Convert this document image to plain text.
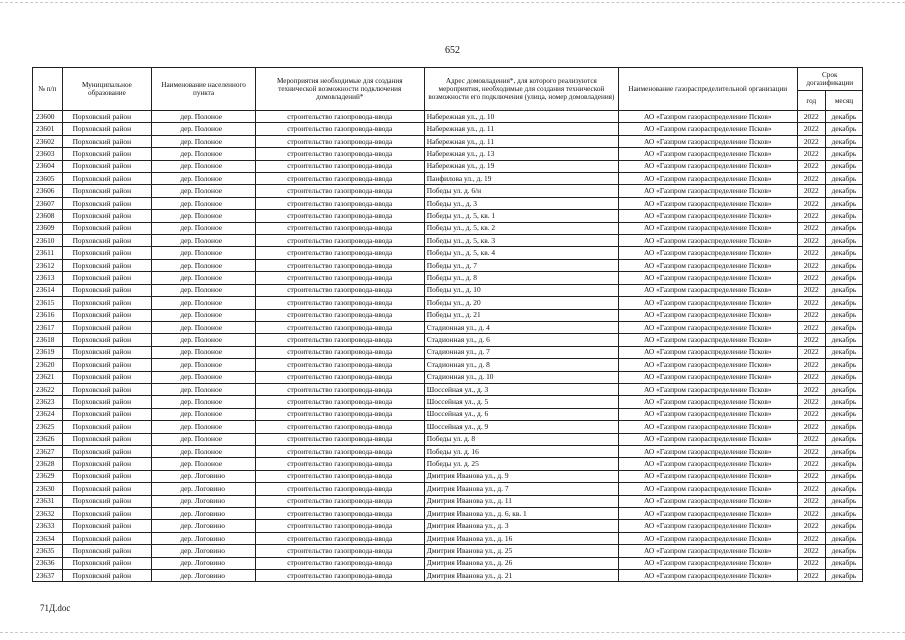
652
№ п/п	Муниципальное образование	Наименование населенного пункта	Мероприятия необходимые для создания технической возможности подключения домовладений*	Адрес домовладения*, для которого реализуются мероприятия, необходимые для создания технической возможности его подключения (улица, номер домовладения)	Наименование газораспределительной организации	Срок догазификации	
						год	месяц
23600	Порховский район	дер. Полоное	строительство газопровода-ввода	Набережная ул., д. 10	АО «Газпром газораспределение Псков»	2022	декабрь
23601	Порховский район	дер. Полоное	строительство газопровода-ввода	Набережная ул., д. 11	АО «Газпром газораспределение Псков»	2022	декабрь
23602	Порховский район	дер. Полоное	строительство газопровода-ввода	Набережная ул., д. 11	АО «Газпром газораспределение Псков»	2022	декабрь
23603	Порховский район	дер. Полоное	строительство газопровода-ввода	Набережная ул., д. 13	АО «Газпром газораспределение Псков»	2022	декабрь
23604	Порховский район	дер. Полоное	строительство газопровода-ввода	Набережная ул., д. 19	АО «Газпром газораспределение Псков»	2022	декабрь
23605	Порховский район	дер. Полоное	строительство газопровода-ввода	Панфилова ул., д. 19	АО «Газпром газораспределение Псков»	2022	декабрь
23606	Порховский район	дер. Полоное	строительство газопровода-ввода	Победы ул. д. 6/н	АО «Газпром газораспределение Псков»	2022	декабрь
23607	Порховский район	дер. Полоное	строительство газопровода-ввода	Победы ул., д. 3	АО «Газпром газораспределение Псков»	2022	декабрь
23608	Порховский район	дер. Полоное	строительство газопровода-ввода	Победы ул., д. 5, кв. 1	АО «Газпром газораспределение Псков»	2022	декабрь
23609	Порховский район	дер. Полоное	строительство газопровода-ввода	Победы ул., д. 5, кв. 2	АО «Газпром газораспределение Псков»	2022	декабрь
23610	Порховский район	дер. Полоное	строительство газопровода-ввода	Победы ул., д. 5, кв. 3	АО «Газпром газораспределение Псков»	2022	декабрь
23611	Порховский район	дер. Полоное	строительство газопровода-ввода	Победы ул., д. 5, кв. 4	АО «Газпром газораспределение Псков»	2022	декабрь
23612	Порховский район	дер. Полоное	строительство газопровода-ввода	Победы ул., д. 7	АО «Газпром газораспределение Псков»	2022	декабрь
23613	Порховский район	дер. Полоное	строительство газопровода-ввода	Победы ул., д. 8	АО «Газпром газораспределение Псков»	2022	декабрь
23614	Порховский район	дер. Полоное	строительство газопровода-ввода	Победы ул., д. 10	АО «Газпром газораспределение Псков»	2022	декабрь
23615	Порховский район	дер. Полоное	строительство газопровода-ввода	Победы ул., д. 20	АО «Газпром газораспределение Псков»	2022	декабрь
23616	Порховский район	дер. Полоное	строительство газопровода-ввода	Победы ул., д. 21	АО «Газпром газораспределение Псков»	2022	декабрь
23617	Порховский район	дер. Полоное	строительство газопровода-ввода	Стадионная ул., д. 4	АО «Газпром газораспределение Псков»	2022	декабрь
23618	Порховский район	дер. Полоное	строительство газопровода-ввода	Стадионная ул., д. 6	АО «Газпром газораспределение Псков»	2022	декабрь
23619	Порховский район	дер. Полоное	строительство газопровода-ввода	Стадионная ул., д. 7	АО «Газпром газораспределение Псков»	2022	декабрь
23620	Порховский район	дер. Полоное	строительство газопровода-ввода	Стадионная ул., д. 8	АО «Газпром газораспределение Псков»	2022	декабрь
23621	Порховский район	дер. Полоное	строительство газопровода-ввода	Стадионная ул., д. 10	АО «Газпром газораспределение Псков»	2022	декабрь
23622	Порховский район	дер. Полоное	строительство газопровода-ввода	Шоссейная ул., д. 3	АО «Газпром газораспределение Псков»	2022	декабрь
23623	Порховский район	дер. Полоное	строительство газопровода-ввода	Шоссейная ул., д. 5	АО «Газпром газораспределение Псков»	2022	декабрь
23624	Порховский район	дер. Полоное	строительство газопровода-ввода	Шоссейная ул., д. 6	АО «Газпром газораспределение Псков»	2022	декабрь
23625	Порховский район	дер. Полоное	строительство газопровода-ввода	Шоссейная ул., д. 9	АО «Газпром газораспределение Псков»	2022	декабрь
23626	Порховский район	дер. Полоное	строительство газопровода-ввода	Победы ул. д. 8	АО «Газпром газораспределение Псков»	2022	декабрь
23627	Порховский район	дер. Полоное	строительство газопровода-ввода	Победы ул. д. 16	АО «Газпром газораспределение Псков»	2022	декабрь
23628	Порховский район	дер. Полоное	строительство газопровода-ввода	Победы ул. д. 25	АО «Газпром газораспределение Псков»	2022	декабрь
23629	Порховский район	дер. Логовино	строительство газопровода-ввода	Дмитрия Иванова ул., д. 9	АО «Газпром газораспределение Псков»	2022	декабрь
23630	Порховский район	дер. Логовино	строительство газопровода-ввода	Дмитрия Иванова ул., д. 7	АО «Газпром газораспределение Псков»	2022	декабрь
23631	Порховский район	дер. Логовино	строительство газопровода-ввода	Дмитрия Иванова ул., д. 11	АО «Газпром газораспределение Псков»	2022	декабрь
23632	Порховский район	дер. Логовино	строительство газопровода-ввода	Дмитрия Иванова ул., д. 6, кв. 1	АО «Газпром газораспределение Псков»	2022	декабрь
23633	Порховский район	дер. Логовино	строительство газопровода-ввода	Дмитрия Иванова ул., д. 3	АО «Газпром газораспределение Псков»	2022	декабрь
23634	Порховский район	дер. Логовино	строительство газопровода-ввода	Дмитрия Иванова ул., д. 16	АО «Газпром газораспределение Псков»	2022	декабрь
23635	Порховский район	дер. Логовино	строительство газопровода-ввода	Дмитрия Иванова ул., д. 25	АО «Газпром газораспределение Псков»	2022	декабрь
23636	Порховский район	дер. Логовино	строительство газопровода-ввода	Дмитрия Иванова ул., д. 26	АО «Газпром газораспределение Псков»	2022	декабрь
23637	Порховский район	дер. Логовино	строительство газопровода-ввода	Дмитрия Иванова ул., д. 21	АО «Газпром газораспределение Псков»	2022	декабрь
71Д.doc
